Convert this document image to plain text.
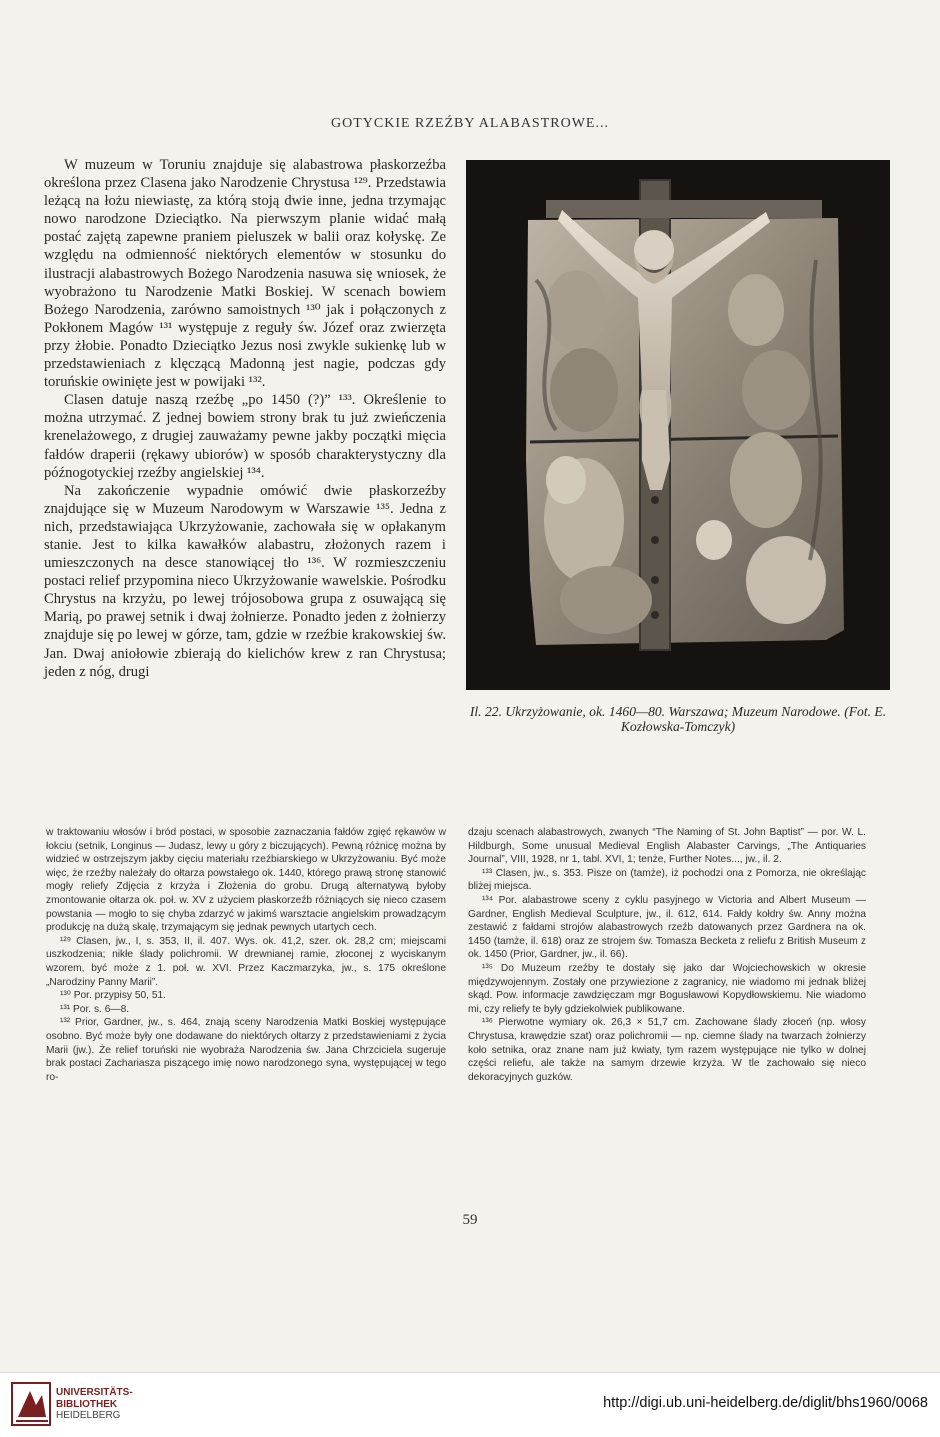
GOTYCKIE RZEŹBY ALABASTROWE...

W muzeum w Toruniu znajduje się alabastrowa płaskorzeźba określona przez Clasena jako Narodzenie Chrystusa ¹²⁹. Przedstawia leżącą na łożu niewiastę, za którą stoją dwie inne, jedna trzymając nowo narodzone Dzieciątko. Na pierwszym planie widać małą postać zajętą zapewne praniem pieluszek w balii oraz kołyskę. Ze względu na odmienność niektórych elementów w stosunku do ilustracji alabastrowych Bożego Narodzenia nasuwa się wniosek, że wyobrażono tu Narodzenie Matki Boskiej. W scenach bowiem Bożego Narodzenia, zarówno samoistnych ¹³⁰ jak i połączonych z Pokłonem Magów ¹³¹ występuje z reguły św. Józef oraz zwierzęta przy żłobie. Ponadto Dzieciątko Jezus nosi zwykle sukienkę lub w przedstawieniach z klęczącą Madonną jest nagie, podczas gdy toruńskie owinięte jest w powijaki ¹³².

Clasen datuje naszą rzeźbę „po 1450 (?)” ¹³³. Określenie to można utrzymać. Z jednej bowiem strony brak tu już zwieńczenia krenelażowego, z drugiej zauważamy pewne jakby początki mięcia fałdów draperii (rękawy ubiorów) w sposób charakterystyczny dla późnogotyckiej rzeźby angielskiej ¹³⁴.

Na zakończenie wypadnie omówić dwie płaskorzeźby znajdujące się w Muzeum Narodowym w Warszawie ¹³⁵. Jedna z nich, przedstawiająca Ukrzyżowanie, zachowała się w opłakanym stanie. Jest to kilka kawałków alabastru, złożonych razem i umieszczonych na desce stanowiącej tło ¹³⁶. W rozmieszczeniu postaci relief przypomina nieco Ukrzyżowanie wawelskie. Pośrodku Chrystus na krzyżu, po lewej trójosobowa grupa z osuwającą się Marią, po prawej setnik i dwaj żołnierze. Ponadto jeden z żołnierzy znajduje się po lewej w górze, tam, gdzie w rzeźbie krakowskiej św. Jan. Dwaj aniołowie zbierają do kielichów krew z ran Chrystusa; jeden z nóg, drugi

Il. 22. Ukrzyżowanie, ok. 1460—80. Warszawa; Muzeum Narodowe. (Fot. E. Kozłowska-Tomczyk)

w traktowaniu włosów i bród postaci, w sposobie zaznaczania fałdów zgięć rękawów w łokciu (setnik, Longinus — Judasz, lewy u góry z biczujących). Pewną różnicę można by widzieć w ostrzejszym jakby cięciu materiału rzeźbiarskiego w Ukrzyżowaniu. Być może więc, że rzeźby należały do ołtarza powstałego ok. 1440, którego prawą stronę stanowić mogły reliefy Zdjęcia z krzyża i Złożenia do grobu. Drugą alternatywą byłoby zmontowanie ołtarza ok. poł. w. XV z użyciem płaskorzeźb różniących się nieco czasem powstania — mogło to się chyba zdarzyć w jakimś warsztacie angielskim prowadzącym produkcję na dużą skalę, trzymającym się jednak pewnych utartych cech.

¹²⁹ Clasen, jw., I, s. 353, II, il. 407. Wys. ok. 41,2, szer. ok. 28,2 cm; miejscami uszkodzenia; nikłe ślady polichromii. W drewnianej ramie, złoconej z wyciskanym wzorem, być może z 1. poł. w. XVI. Przez Kaczmarzyka, jw., s. 175 określone „Narodziny Panny Marii”.

¹³⁰ Por. przypisy 50, 51.

¹³¹ Por. s. 6—8.

¹³² Prior, Gardner, jw., s. 464, znają sceny Narodzenia Matki Boskiej występujące osobno. Być może były one dodawane do niektórych ołtarzy z przedstawieniami z życia Marii (jw.). Że relief toruński nie wyobraża Narodzenia św. Jana Chrzciciela sugeruje brak postaci Zachariasza piszącego imię nowo narodzonego syna, występującej w tego ro-

dzaju scenach alabastrowych, zwanych “The Naming of St. John Baptist” — por. W. L. Hildburgh, Some unusual Medieval English Alabaster Carvings, „The Antiquaries Journal”, VIII, 1928, nr 1, tabl. XVI, 1; tenże, Further Notes..., jw., il. 2.

¹³³ Clasen, jw., s. 353. Pisze on (tamże), iż pochodzi ona z Pomorza, nie określając bliżej miejsca.

¹³⁴ Por. alabastrowe sceny z cyklu pasyjnego w Victoria and Albert Museum — Gardner, English Medieval Sculpture, jw., il. 612, 614. Fałdy kołdry św. Anny można zestawić z fałdami strojów alabastrowych rzeźb datowanych przez Gardnera na ok. 1450 (tamże, il. 618) oraz ze strojem św. Tomasza Becketa z reliefu z British Museum z ok. 1450 (Prior, Gardner, jw., il. 66).

¹³⁵ Do Muzeum rzeźby te dostały się jako dar Wojciechowskich w okresie międzywojennym. Zostały one przywiezione z zagranicy, nie wiadomo mi jednak bliżej skąd. Pow. informacje zawdzięczam mgr Bogusławowi Kopydłowskiemu. Nie wiadomo mi, czy reliefy te były gdziekolwiek publikowane.

¹³⁶ Pierwotne wymiary ok. 26,3 × 51,7 cm. Zachowane ślady złoceń (np. włosy Chrystusa, krawędzie szat) oraz polichromii — np. ciemne ślady na twarzach żołnierzy koło setnika, oraz znane nam już kwiaty, tym razem występujące nie tylko w dolnej części reliefu, ale także na samym drzewie krzyża. W tle zachowało się nieco dekoracyjnych guzków.

59
UNIVERSITÄTS-
BIBLIOTHEK
HEIDELBERG
http://digi.ub.uni-heidelberg.de/diglit/bhs1960/0068
